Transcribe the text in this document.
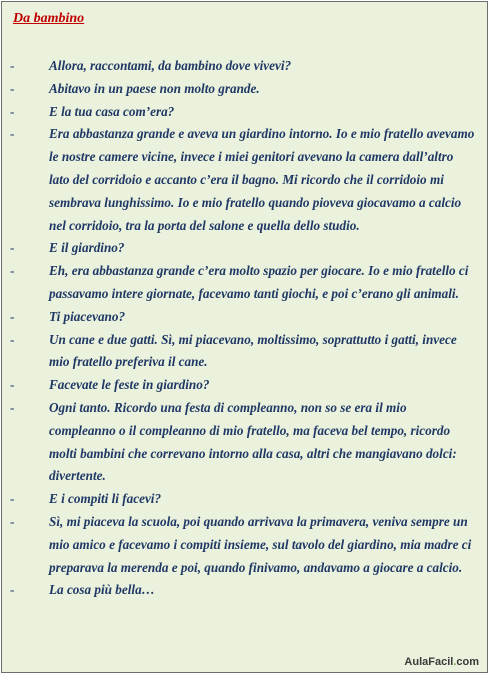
Da bambino
-	Allora, raccontami, da bambino dove vivevi?
-	Abitavo in un paese non molto grande.
-	E la tua casa com’era?
-	Era abbastanza grande e aveva un giardino intorno. Io e mio fratello avevamo le nostre camere vicine, invece i miei genitori avevano la camera dall’altro lato del corridoio e accanto c’era il bagno. Mi ricordo che il corridoio mi sembrava lunghissimo. Io e mio fratello quando pioveva giocavamo a calcio nel corridoio, tra la porta del salone e quella dello studio.
-	E il giardino?
-	Eh, era abbastanza grande c’era molto spazio per giocare. Io e mio fratello ci passavamo intere giornate, facevamo tanti giochi, e poi c’erano gli animali.
-	Ti piacevano?
-	Un cane e due gatti. Sì, mi piacevano, moltissimo, soprattutto i gatti, invece mio fratello preferiva il cane.
-	Facevate le feste in giardino?
-	Ogni tanto. Ricordo una festa di compleanno, non so se era il mio compleanno o il compleanno di mio fratello, ma faceva bel tempo, ricordo molti bambini che correvano intorno alla casa, altri che mangiavano dolci: divertente.
-	E i compiti li facevi?
-	Sì, mi piaceva la scuola, poi quando arrivava la primavera, veniva sempre un mio amico e facevamo i compiti insieme, sul tavolo del giardino, mia madre ci preparava la merenda e poi, quando finivamo, andavamo a giocare a calcio.
-	La cosa più bella…
AulaFacil.com
